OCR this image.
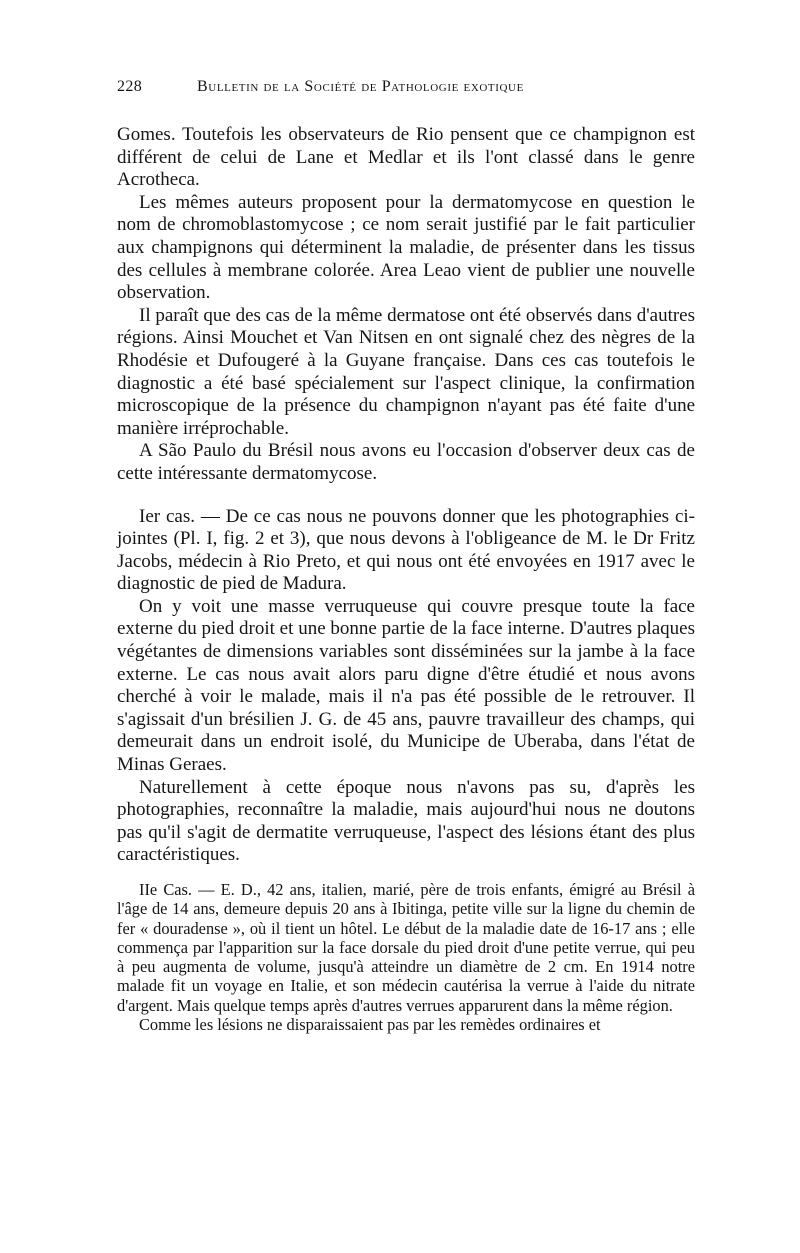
228	Bulletin de la Société de Pathologie exotique

Gomes. Toutefois les observateurs de Rio pensent que ce champignon est différent de celui de Lane et Medlar et ils l'ont classé dans le genre Acrotheca.

Les mêmes auteurs proposent pour la dermatomycose en question le nom de chromoblastomycose ; ce nom serait justifié par le fait particulier aux champignons qui déterminent la maladie, de présenter dans les tissus des cellules à membrane colorée. Area Leao vient de publier une nouvelle observation.

Il paraît que des cas de la même dermatose ont été observés dans d'autres régions. Ainsi Mouchet et Van Nitsen en ont signalé chez des nègres de la Rhodésie et Dufougeré à la Guyane française. Dans ces cas toutefois le diagnostic a été basé spécialement sur l'aspect clinique, la confirmation microscopique de la présence du champignon n'ayant pas été faite d'une manière irréprochable.

A São Paulo du Brésil nous avons eu l'occasion d'observer deux cas de cette intéressante dermatomycose.

Ier cas. — De ce cas nous ne pouvons donner que les photographies ci-jointes (Pl. I, fig. 2 et 3), que nous devons à l'obligeance de M. le Dr Fritz Jacobs, médecin à Rio Preto, et qui nous ont été envoyées en 1917 avec le diagnostic de pied de Madura.

On y voit une masse verruqueuse qui couvre presque toute la face externe du pied droit et une bonne partie de la face interne. D'autres plaques végétantes de dimensions variables sont disséminées sur la jambe à la face externe. Le cas nous avait alors paru digne d'être étudié et nous avons cherché à voir le malade, mais il n'a pas été possible de le retrouver. Il s'agissait d'un brésilien J. G. de 45 ans, pauvre travailleur des champs, qui demeurait dans un endroit isolé, du Municipe de Uberaba, dans l'état de Minas Geraes.

Naturellement à cette époque nous n'avons pas su, d'après les photographies, reconnaître la maladie, mais aujourd'hui nous ne doutons pas qu'il s'agit de dermatite verruqueuse, l'aspect des lésions étant des plus caractéristiques.

IIe Cas. — E. D., 42 ans, italien, marié, père de trois enfants, émigré au Brésil à l'âge de 14 ans, demeure depuis 20 ans à Ibitinga, petite ville sur la ligne du chemin de fer « douradense », où il tient un hôtel. Le début de la maladie date de 16-17 ans ; elle commença par l'apparition sur la face dorsale du pied droit d'une petite verrue, qui peu à peu augmenta de volume, jusqu'à atteindre un diamètre de 2 cm. En 1914 notre malade fit un voyage en Italie, et son médecin cautérisa la verrue à l'aide du nitrate d'argent. Mais quelque temps après d'autres verrues apparurent dans la même région.

Comme les lésions ne disparaissaient pas par les remèdes ordinaires et
